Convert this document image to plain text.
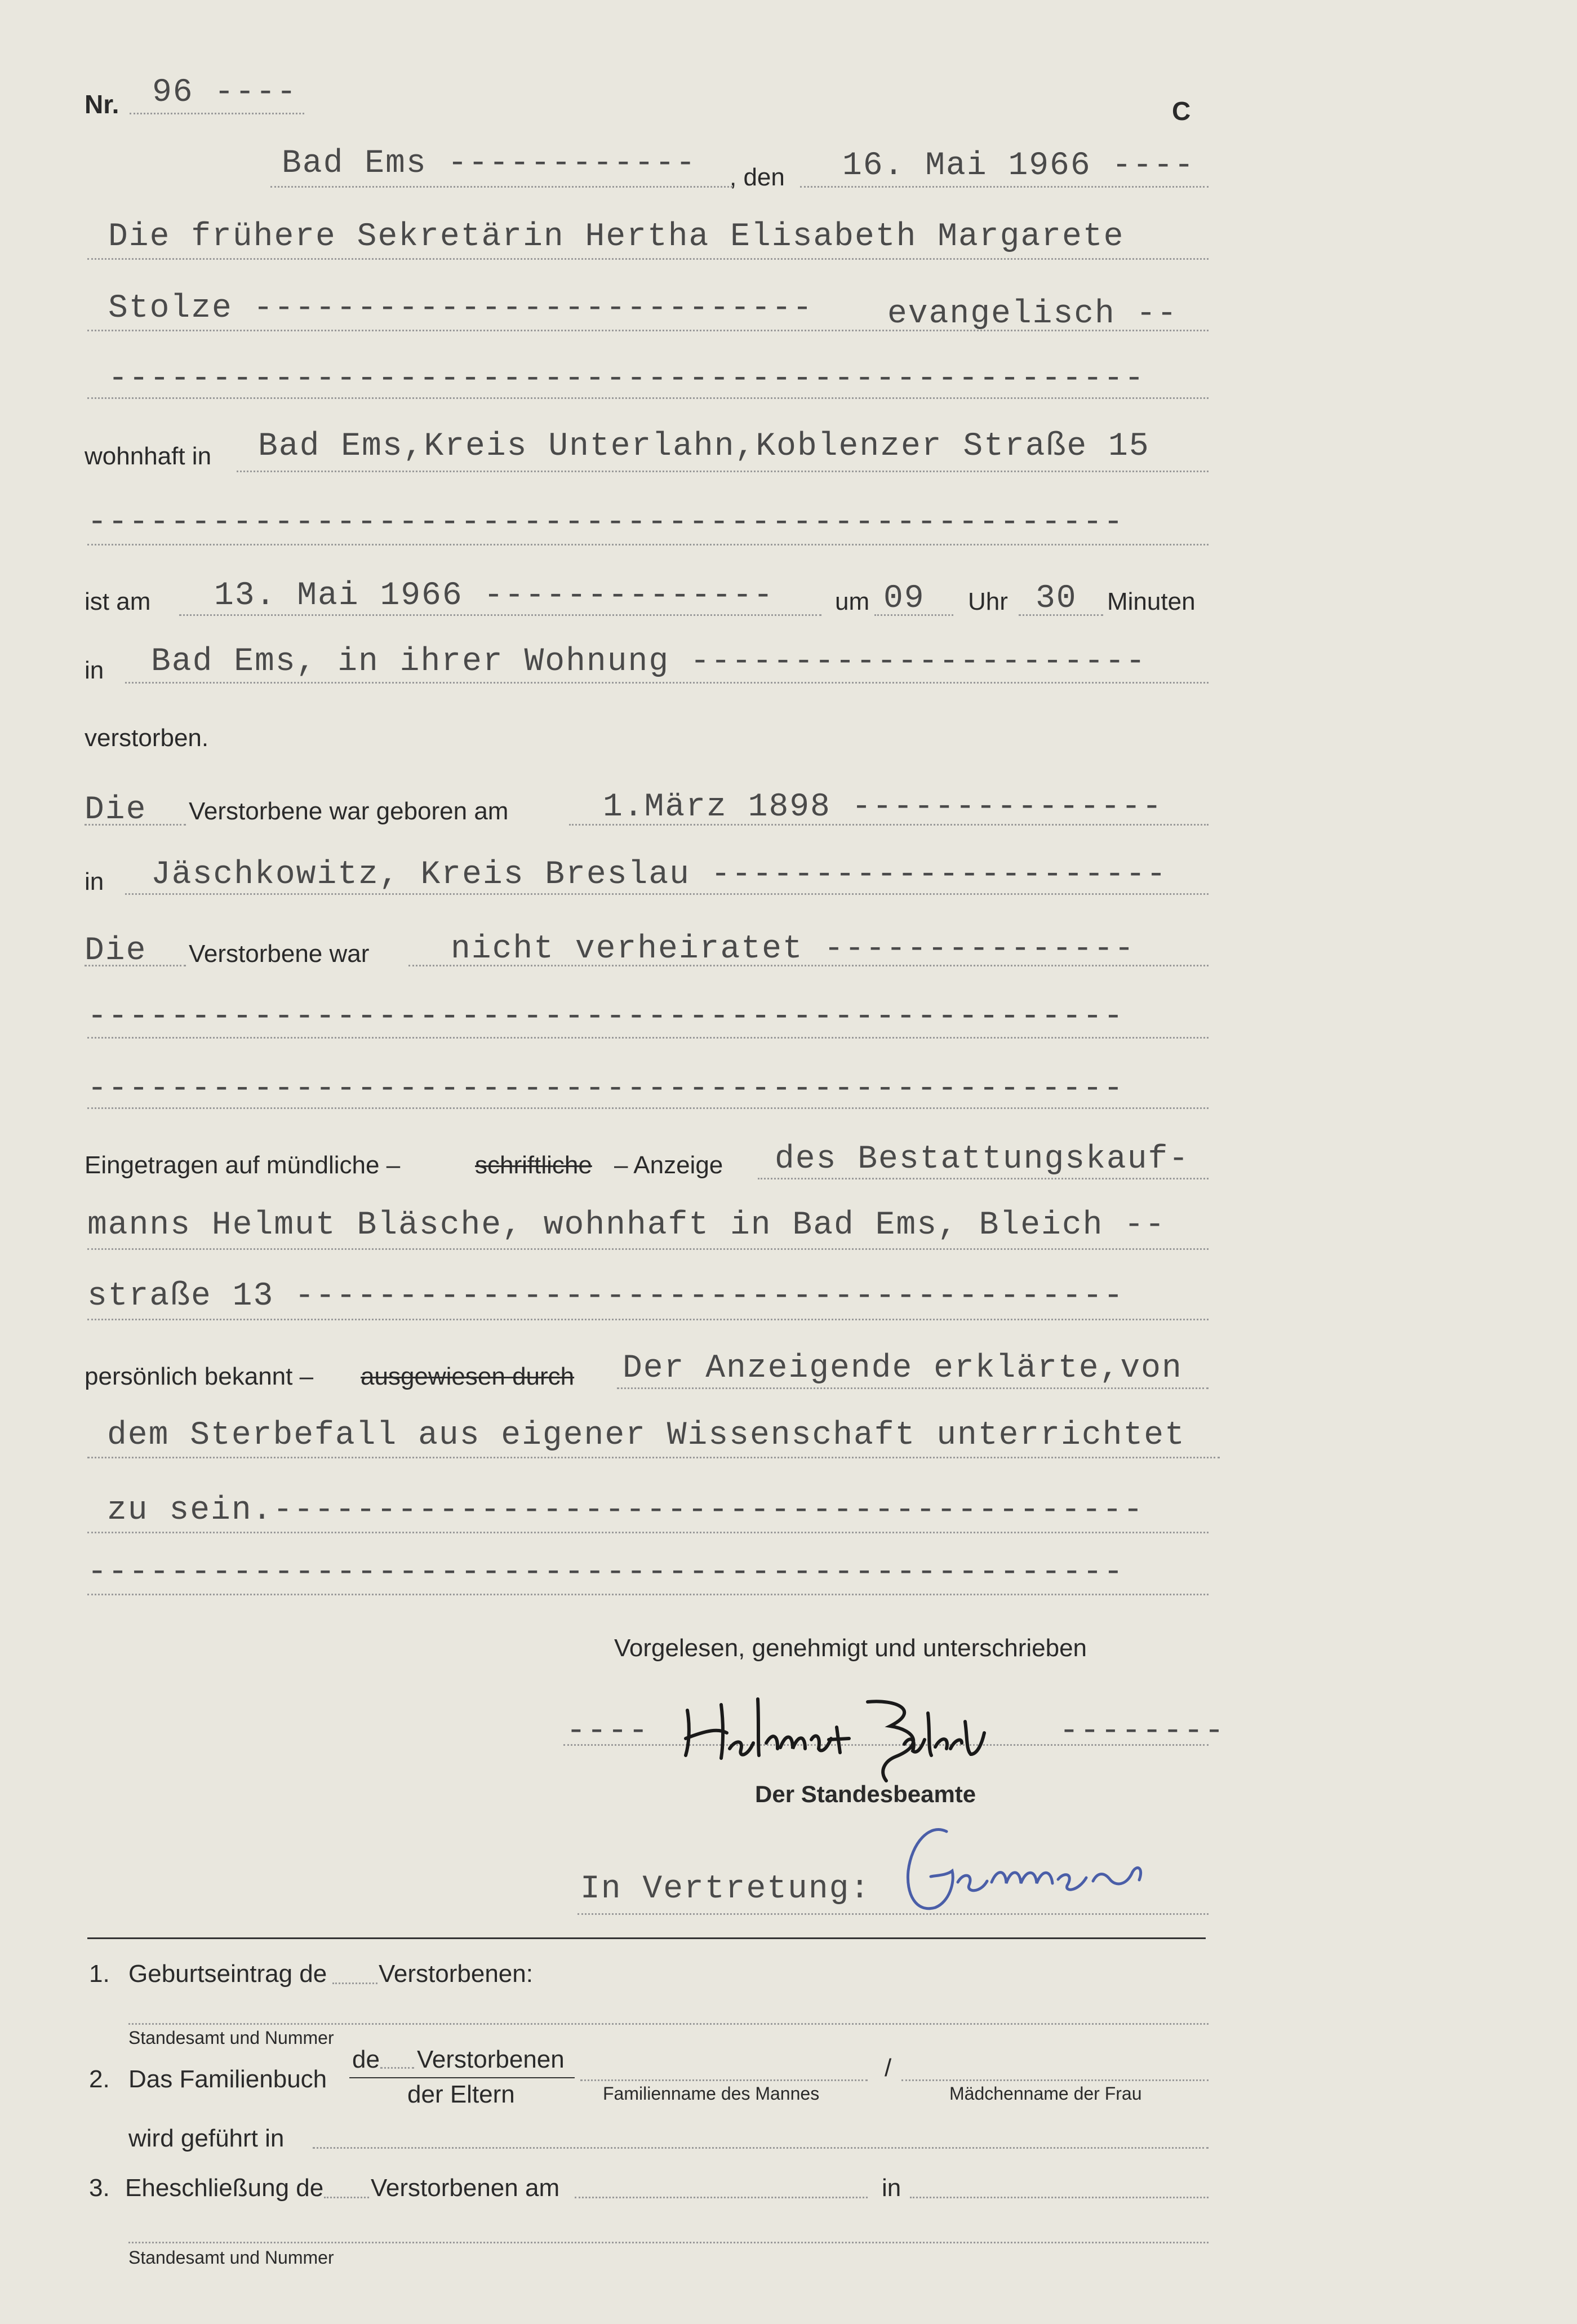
Nr. 96 ----	C
Bad Ems ------------ , den 16. Mai 1966 ----
Die frühere Sekretärin Hertha Elisabeth Margarete
Stolze --------------------------- evangelisch --
--------------------------------------------------
wohnhaft in Bad Ems,Kreis Unterlahn,Koblenzer Straße 15
--------------------------------------------------
ist am 13. Mai 1966 -------------- um 09 Uhr 30 Minuten
in Bad Ems, in ihrer Wohnung ----------------------
verstorben.
Die Verstorbene war geboren am	1.März 1898 ---------------
in Jäschkowitz, Kreis Breslau ----------------------
Die Verstorbene war nicht verheiratet ---------------
--------------------------------------------------
--------------------------------------------------
Eingetragen auf mündliche –	schriftliche – Anzeige des Bestattungskauf-
manns Helmut Bläsche, wohnhaft in Bad Ems, Bleich --
straße 13 ----------------------------------------
persönlich bekannt – ausgewiesen durch Der Anzeigende erklärte,von
dem Sterbefall aus eigener Wissenschaft unterrichtet
zu sein.------------------------------------------
--------------------------------------------------
Vorgelesen, genehmigt und unterschrieben
----	--------
Der Standesbeamte
In Vertretung:
1. Geburtseintrag de Verstorbenen:
Standesamt und Nummer
2. Das Familienbuch
de Verstorbenen
der Eltern
/
Familienname des Mannes	Mädchenname der Frau
wird geführt in
3. Eheschließung de Verstorbenen am	in
Standesamt und Nummer
